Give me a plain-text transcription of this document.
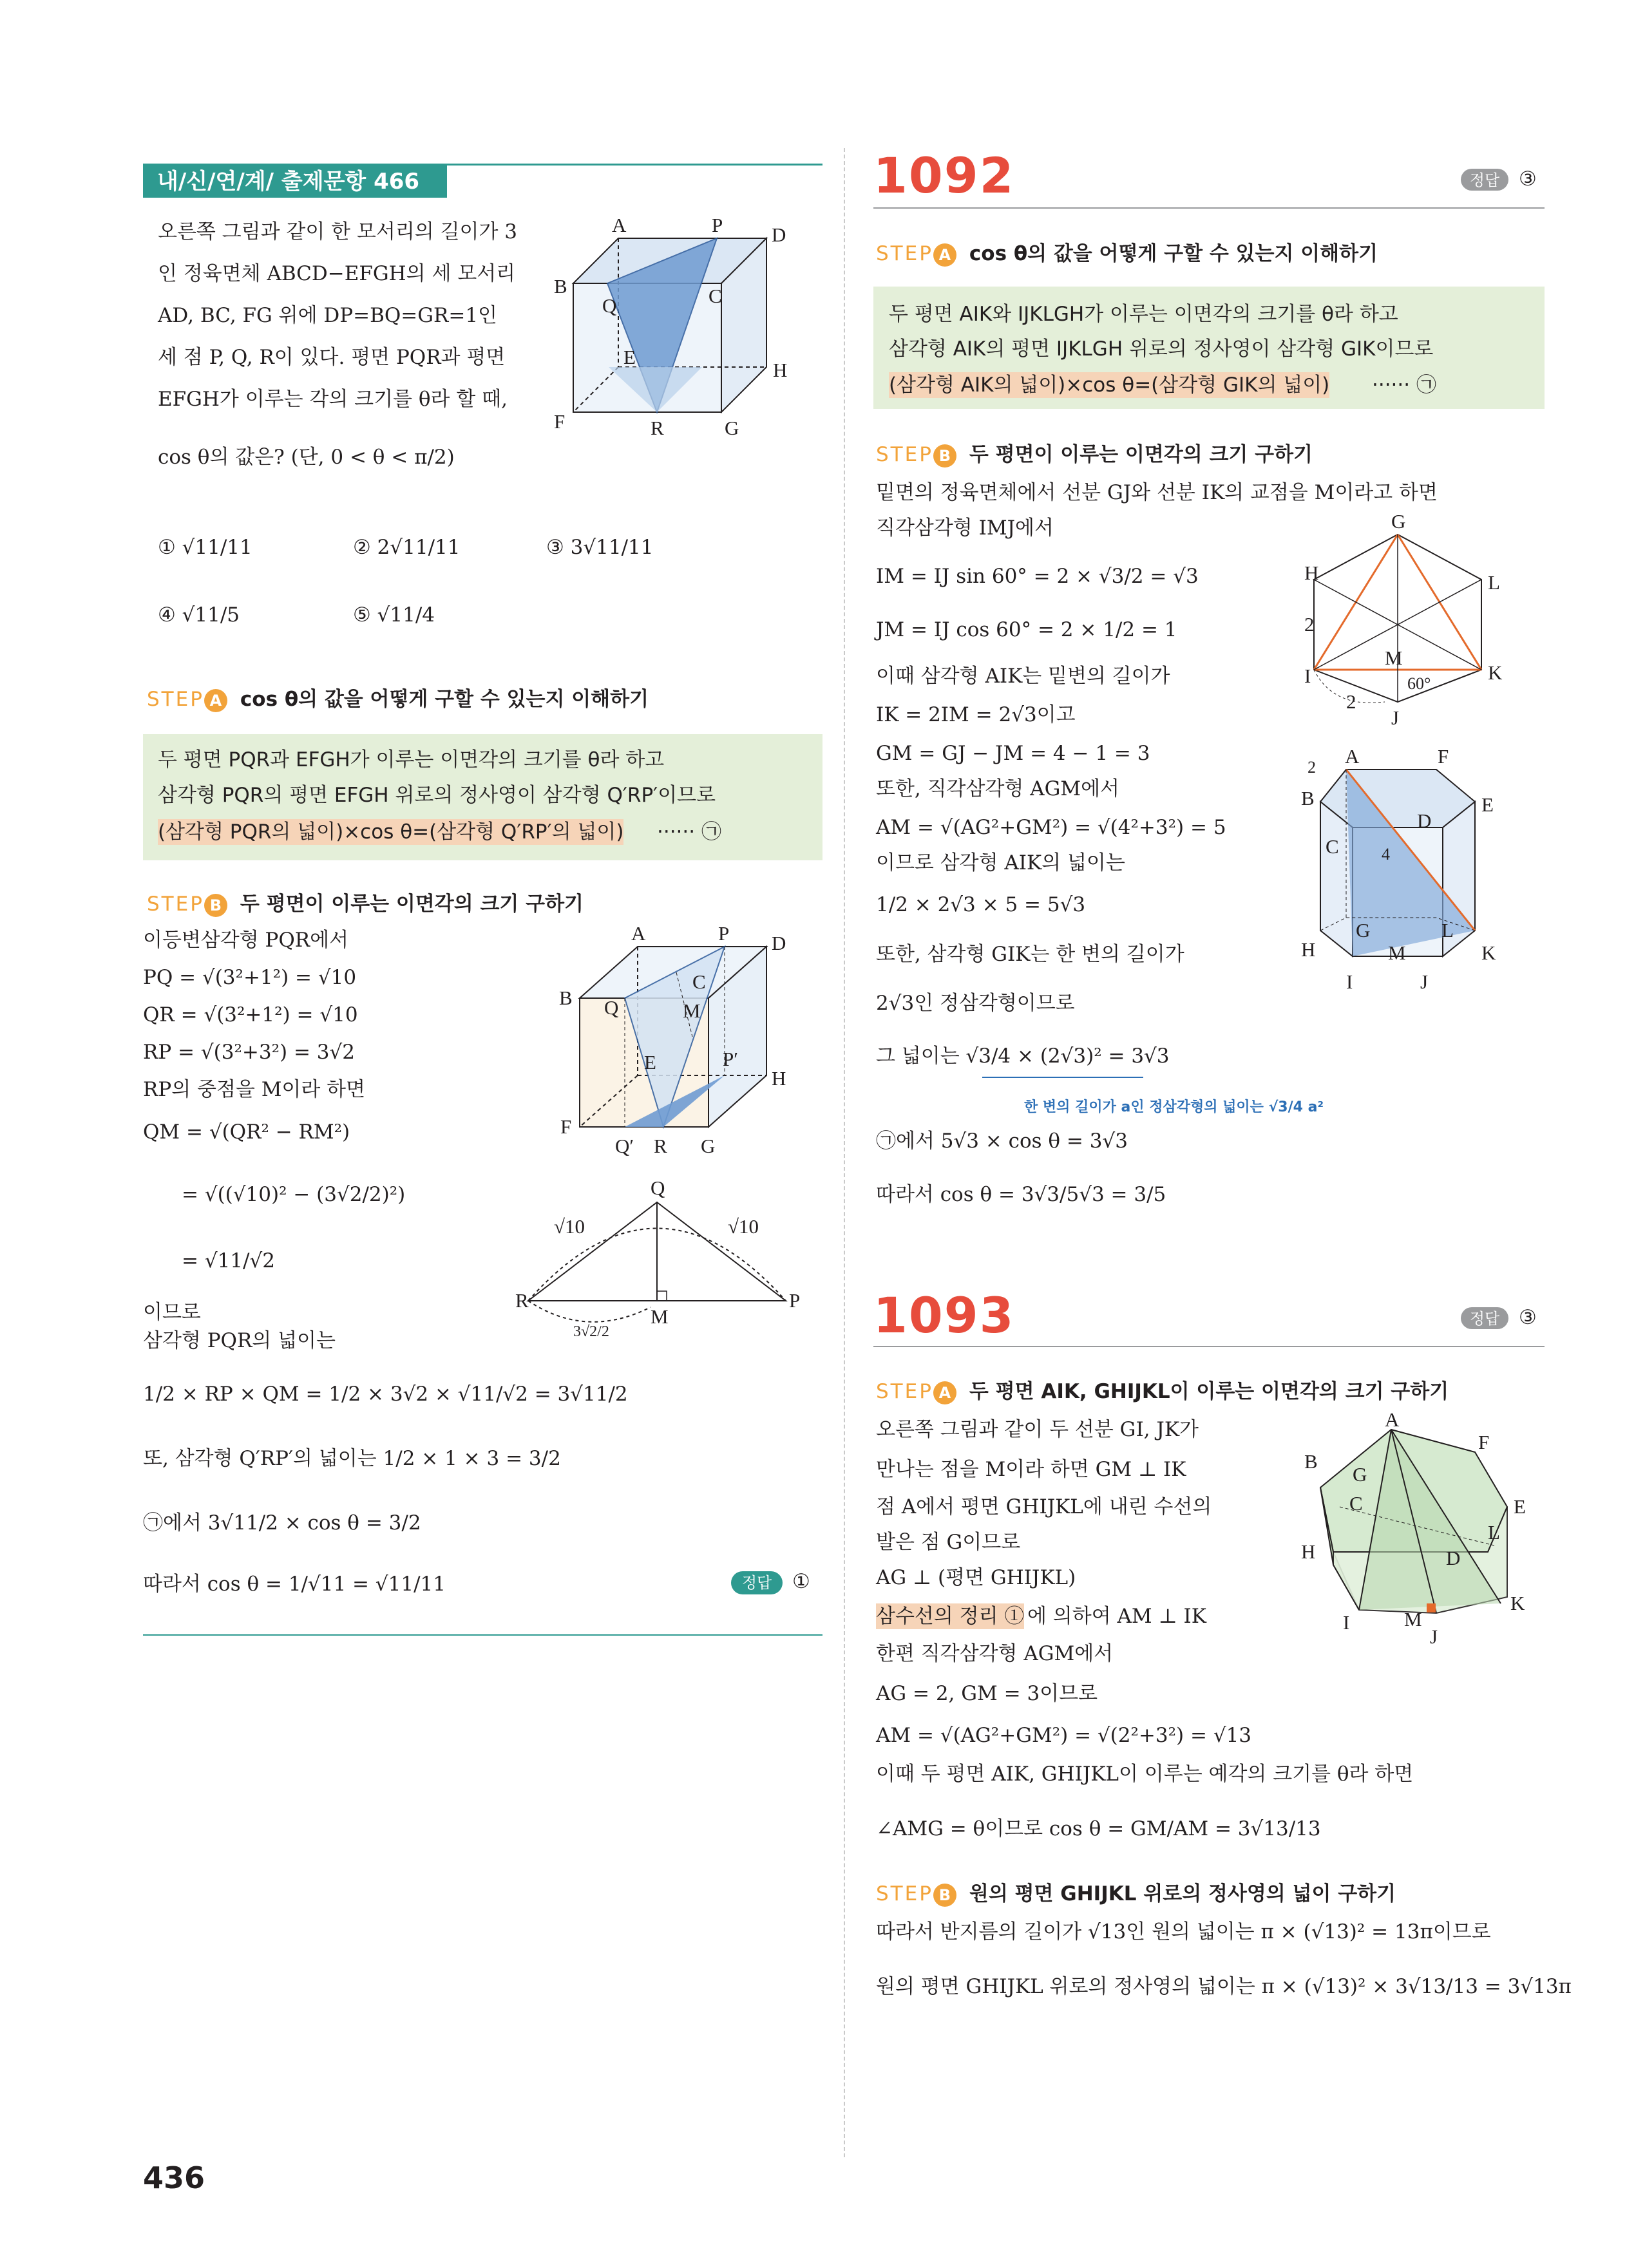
내/신/연/계/ 출제문항 466
오른쪽 그림과 같이 한 모서리의 길이가 3
인 정육면체 ABCD−EFGH의 세 모서리
AD, BC, FG 위에 DP=BQ=GR=1인
세 점 P, Q, R이 있다. 평면 PQR과 평면
EFGH가 이루는 각의 크기를 θ라 할 때,
cos θ의 값은? (단, 0 < θ < π/2)
① √11/11	② 2√11/11	③ 3√11/11
④ √11/5	⑤ √11/4
A	P D
B
Q	C
E
H
F	R	G
STEP A cos θ의 값을 어떻게 구할 수 있는지 이해하기
두 평면 PQR과 EFGH가 이루는 이면각의 크기를 θ라 하고
삼각형 PQR의 평면 EFGH 위로의 정사영이 삼각형 Q′RP′이므로
(삼각형 PQR의 넓이)×cos θ=(삼각형 Q′RP′의 넓이) ······ ㉠
STEP B 두 평면이 이루는 이면각의 크기 구하기
이등변삼각형 PQR에서
PQ = √(3²+1²) = √10
QR = √(3²+1²) = √10
RP = √(3²+3²) = 3√2
RP의 중점을 M이라 하면
QM = √(QR² − RM²)
= √((√10)² − (3√2/2)²)
= √11/√2
이므로
삼각형 PQR의 넓이는
1/2 × RP × QM = 1/2 × 3√2 × √11/√2 = 3√11/2
또, 삼각형 Q′RP′의 넓이는 1/2 × 1 × 3 = 3/2
㉠에서 3√11/2 × cos θ = 3/2
따라서 cos θ = 1/√11 = √11/11	정답	①
A	P D
B Q
C
M
E	P′
H
F
Q′ R G
Q
√10	√10
R
M
P
3√2/2
1092	정답 ③
STEP A cos θ의 값을 어떻게 구할 수 있는지 이해하기
두 평면 AIK와 IJKLGH가 이루는 이면각의 크기를 θ라 하고
삼각형 AIK의 평면 IJKLGH 위로의 정사영이 삼각형 GIK이므로
(삼각형 AIK의 넓이)×cos θ=(삼각형 GIK의 넓이) ······ ㉠
STEP B 두 평면이 이루는 이면각의 크기 구하기
밑면의 정육면체에서 선분 GJ와 선분 IK의 교점을 M이라고 하면
직각삼각형 IMJ에서
IM = IJ sin 60° = 2 × √3/2 = √3
JM = IJ cos 60° = 2 × 1/2 = 1
이때 삼각형 AIK는 밑변의 길이가
IK = 2IM = 2√3이고
GM = GJ − JM = 4 − 1 = 3
또한, 직각삼각형 AGM에서
AM = √(AG²+GM²) = √(4²+3²) = 5
이므로 삼각형 AIK의 넓이는
1/2 × 2√3 × 5 = 5√3
또한, 삼각형 GIK는 한 변의 길이가
2√3인 정삼각형이므로
그 넓이는 √3/4 × (2√3)² = 3√3
한 변의 길이가 a인 정삼각형의 넓이는 √3/4 a²
㉠에서 5√3 × cos θ = 3√3
따라서 cos θ = 3√3/5√3 = 3/5
G
H	L
2
M
I	60°	K
2
J
2 A	F
B	E
D
C	4
H
G	L
M	K
I	J
1093	정답 ③
STEP A 두 평면 AIK, GHIJKL이 이루는 이면각의 크기 구하기
오른쪽 그림과 같이 두 선분 GI, JK가
만나는 점을 M이라 하면 GM ⊥ IK
점 A에서 평면 GHIJKL에 내린 수선의
발은 점 G이므로
AG ⊥ (평면 GHIJKL)
삼수선의 정리 ① 에 의하여 AM ⊥ IK
한편 직각삼각형 AGM에서
AG = 2, GM = 3이므로
AM = √(AG²+GM²) = √(2²+3²) = √13
이때 두 평면 AIK, GHIJKL이 이루는 예각의 크기를 θ라 하면
∠AMG = θ이므로 cos θ = GM/AM = 3√13/13
STEP B 원의 평면 GHIJKL 위로의 정사영의 넓이 구하기
따라서 반지름의 길이가 √13인 원의 넓이는 π × (√13)² = 13π이므로
원의 평면 GHIJKL 위로의 정사영의 넓이는 π × (√13)² × 3√13/13 = 3√13π
A
F
B
G
E
C
L
H	D
I	M
K
J
436
